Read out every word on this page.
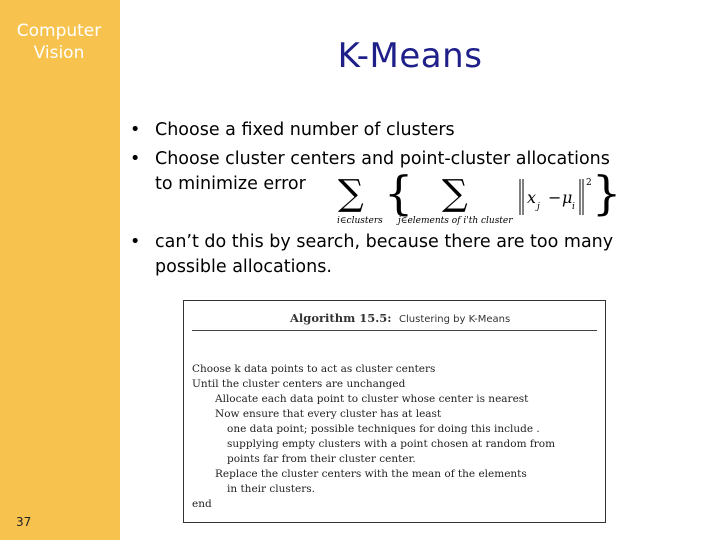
Computer
Vision
37
K-Means
• Choose a fixed number of clusters
• Choose cluster centers and point-cluster allocations
to minimize error
• can’t do this by search, because there are too many
possible allocations.
∑
i∈clusters
{ ∑
j∈elements of i'th cluster
x j − μ i
2 }
Algorithm 15.5: Clustering by K-Means
Choose k data points to act as cluster centers
Until the cluster centers are unchanged
Allocate each data point to cluster whose center is nearest
Now ensure that every cluster has at least
one data point; possible techniques for doing this include .
supplying empty clusters with a point chosen at random from
points far from their cluster center.
Replace the cluster centers with the mean of the elements
in their clusters.
end
